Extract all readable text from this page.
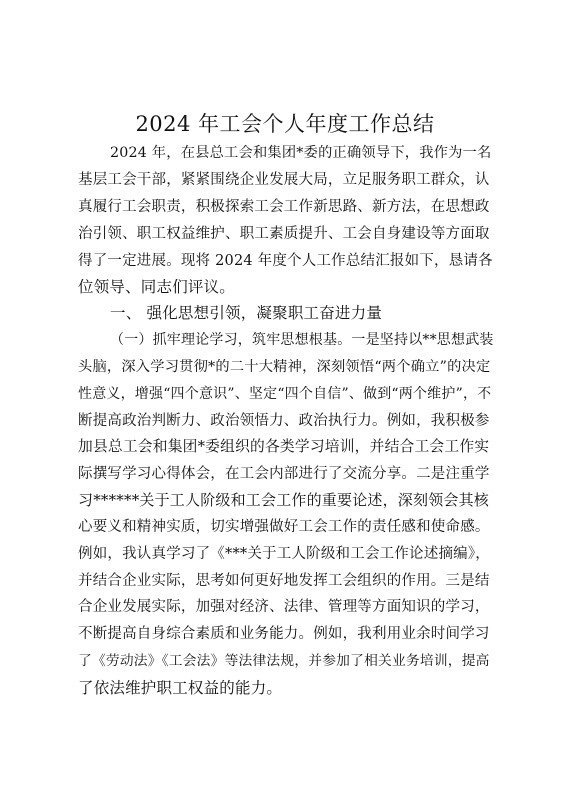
2024 年工会个人年度工作总结
2024 年，在县总工会和集团*委的正确领导下，我作为一名
基层工会干部，紧紧围绕企业发展大局，立足服务职工群众，认
真履行工会职责，积极探索工会工作新思路、新方法，在思想政
治引领、职工权益维护、职工素质提升、工会自身建设等方面取
得了一定进展。现将 2024 年度个人工作总结汇报如下，恳请各
位领导、同志们评议。
一、 强化思想引领，凝聚职工奋进力量
（一）抓牢理论学习，筑牢思想根基。一是坚持以**思想武装
头脑，深入学习贯彻*的二十大精神，深刻领悟“两个确立”的决定
性意义，增强“四个意识”、坚定“四个自信”、做到“两个维护”，不
断提高政治判断力、政治领悟力、政治执行力。例如，我积极参
加县总工会和集团*委组织的各类学习培训，并结合工会工作实
际撰写学习心得体会，在工会内部进行了交流分享。二是注重学
习******关于工人阶级和工会工作的重要论述，深刻领会其核
心要义和精神实质，切实增强做好工会工作的责任感和使命感。
例如，我认真学习了《***关于工人阶级和工会工作论述摘编》，
并结合企业实际，思考如何更好地发挥工会组织的作用。三是结
合企业发展实际，加强对经济、法律、管理等方面知识的学习，
不断提高自身综合素质和业务能力。例如，我利用业余时间学习
了《劳动法》《工会法》等法律法规，并参加了相关业务培训，提高
了依法维护职工权益的能力。
